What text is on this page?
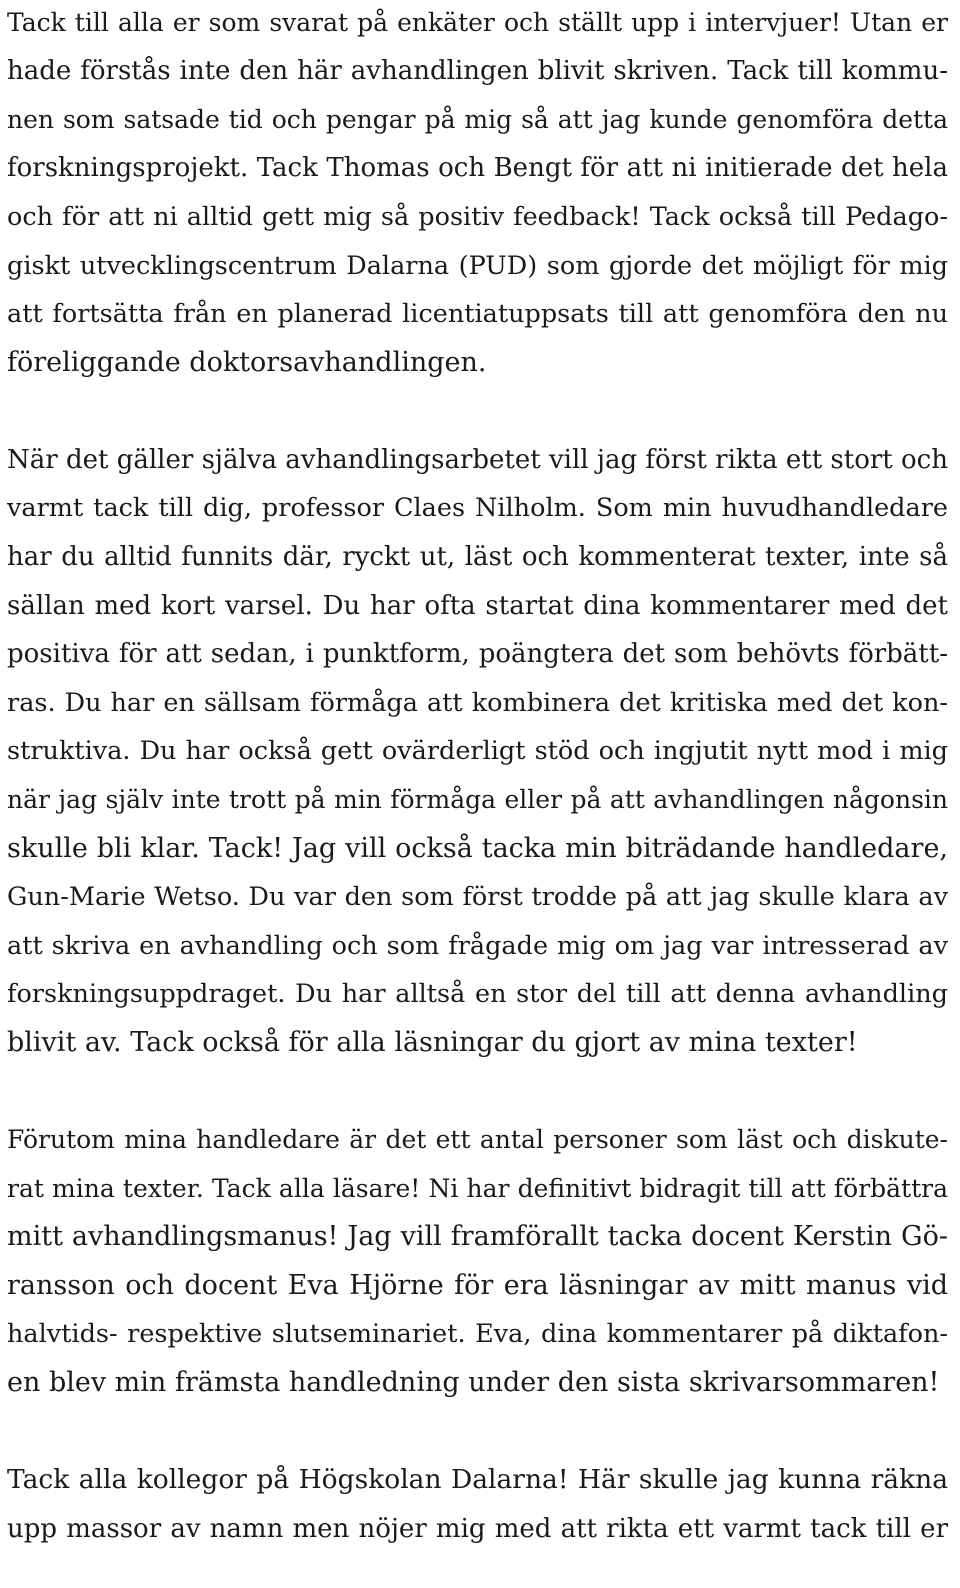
Tack till alla er som svarat på enkäter och ställt upp i intervjuer! Utan er
hade förstås inte den här avhandlingen blivit skriven. Tack till kommu-
nen som satsade tid och pengar på mig så att jag kunde genomföra detta
forskningsprojekt. Tack Thomas och Bengt för att ni initierade det hela
och för att ni alltid gett mig så positiv feedback! Tack också till Pedago-
giskt utvecklingscentrum Dalarna (PUD) som gjorde det möjligt för mig
att fortsätta från en planerad licentiatuppsats till att genomföra den nu
föreliggande doktorsavhandlingen.
När det gäller själva avhandlingsarbetet vill jag först rikta ett stort och
varmt tack till dig, professor Claes Nilholm. Som min huvudhandledare
har du alltid funnits där, ryckt ut, läst och kommenterat texter, inte så
sällan med kort varsel. Du har ofta startat dina kommentarer med det
positiva för att sedan, i punktform, poängtera det som behövts förbätt-
ras. Du har en sällsam förmåga att kombinera det kritiska med det kon-
struktiva. Du har också gett ovärderligt stöd och ingjutit nytt mod i mig
när jag själv inte trott på min förmåga eller på att avhandlingen någonsin
skulle bli klar. Tack! Jag vill också tacka min biträdande handledare,
Gun-Marie Wetso. Du var den som först trodde på att jag skulle klara av
att skriva en avhandling och som frågade mig om jag var intresserad av
forskningsuppdraget. Du har alltså en stor del till att denna avhandling
blivit av. Tack också för alla läsningar du gjort av mina texter!
Förutom mina handledare är det ett antal personer som läst och diskute-
rat mina texter. Tack alla läsare! Ni har definitivt bidragit till att förbättra
mitt avhandlingsmanus! Jag vill framförallt tacka docent Kerstin Gö-
ransson och docent Eva Hjörne för era läsningar av mitt manus vid
halvtids- respektive slutseminariet. Eva, dina kommentarer på diktafon-
en blev min främsta handledning under den sista skrivarsommaren!
Tack alla kollegor på Högskolan Dalarna! Här skulle jag kunna räkna
upp massor av namn men nöjer mig med att rikta ett varmt tack till er
